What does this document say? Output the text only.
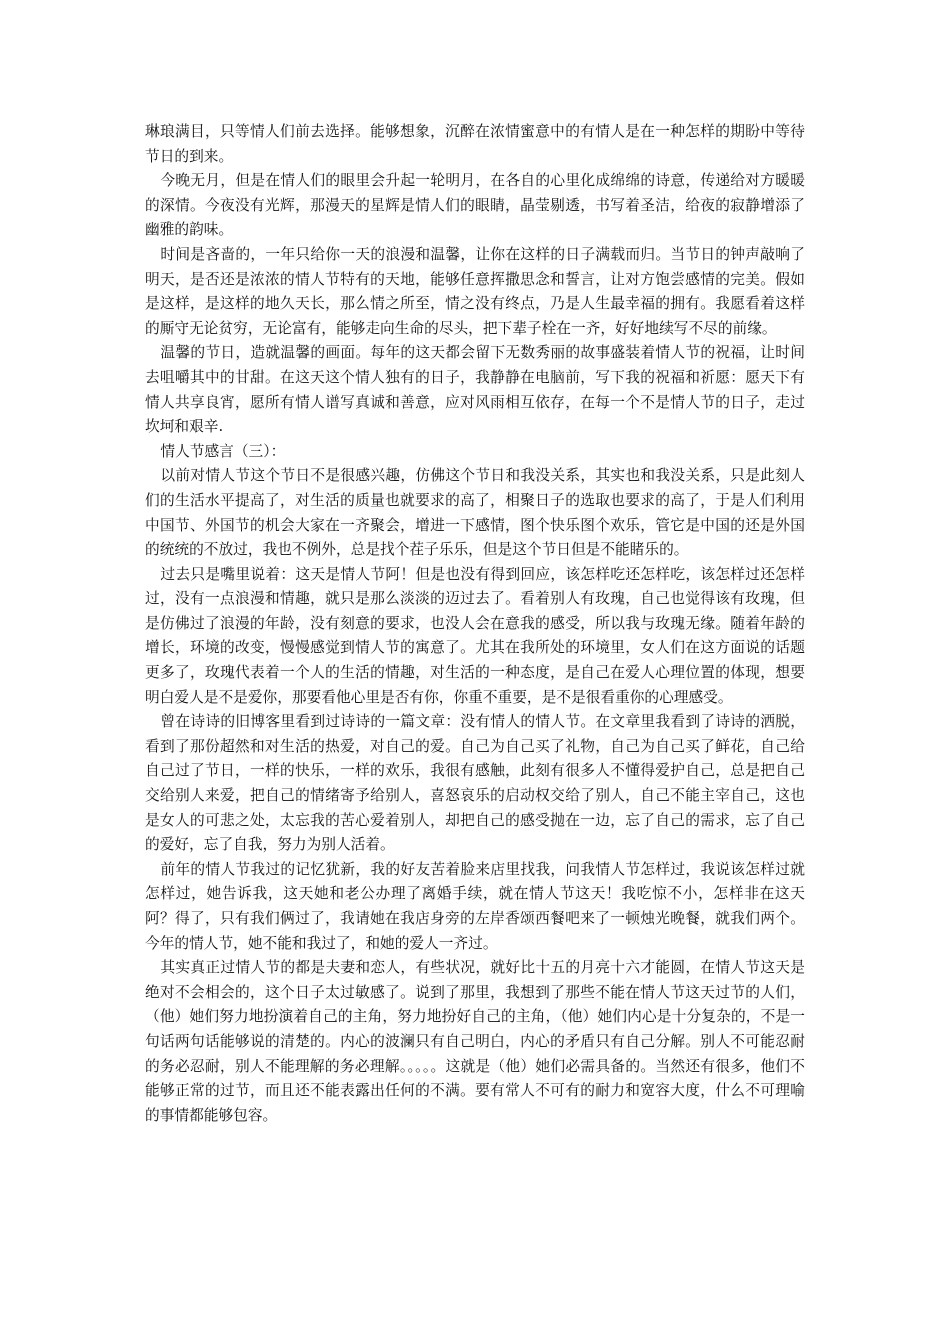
琳琅满目，只等情人们前去选择。能够想象，沉醉在浓情蜜意中的有情人是在一种怎样的期盼中等待节日的到来。

今晚无月，但是在情人们的眼里会升起一轮明月，在各自的心里化成绵绵的诗意，传递给对方暖暖的深情。今夜没有光辉，那漫天的星辉是情人们的眼睛，晶莹剔透，书写着圣洁，给夜的寂静增添了幽雅的韵味。

时间是吝啬的，一年只给你一天的浪漫和温馨，让你在这样的日子满载而归。当节日的钟声敲响了明天，是否还是浓浓的情人节特有的天地，能够任意挥撒思念和誓言，让对方饱尝感情的完美。假如是这样，是这样的地久天长，那么情之所至，情之没有终点，乃是人生最幸福的拥有。我愿看着这样的厮守无论贫穷，无论富有，能够走向生命的尽头，把下辈子栓在一齐，好好地续写不尽的前缘。

温馨的节日，造就温馨的画面。每年的这天都会留下无数秀丽的故事盛装着情人节的祝福，让时间去咀嚼其中的甘甜。在这天这个情人独有的日子，我静静在电脑前，写下我的祝福和祈愿：愿天下有情人共享良宵，愿所有情人谱写真诚和善意，应对风雨相互依存，在每一个不是情人节的日子，走过坎坷和艰辛.

情人节感言（三）：

以前对情人节这个节日不是很感兴趣，仿佛这个节日和我没关系，其实也和我没关系，只是此刻人们的生活水平提高了，对生活的质量也就要求的高了，相聚日子的选取也要求的高了，于是人们利用中国节、外国节的机会大家在一齐聚会，增进一下感情，图个快乐图个欢乐，管它是中国的还是外国的统统的不放过，我也不例外，总是找个茬子乐乐，但是这个节日但是不能睹乐的。

过去只是嘴里说着：这天是情人节阿！但是也没有得到回应，该怎样吃还怎样吃，该怎样过还怎样过，没有一点浪漫和情趣，就只是那么淡淡的迈过去了。看着别人有玫瑰，自己也觉得该有玫瑰，但是仿佛过了浪漫的年龄，没有刻意的要求，也没人会在意我的感受，所以我与玫瑰无缘。随着年龄的增长，环境的改变，慢慢感觉到情人节的寓意了。尤其在我所处的环境里，女人们在这方面说的话题更多了，玫瑰代表着一个人的生活的情趣，对生活的一种态度，是自己在爱人心理位置的体现，想要明白爱人是不是爱你，那要看他心里是否有你，你重不重要，是不是很看重你的心理感受。

曾在诗诗的旧博客里看到过诗诗的一篇文章：没有情人的情人节。在文章里我看到了诗诗的洒脱，看到了那份超然和对生活的热爱，对自己的爱。自己为自己买了礼物，自己为自己买了鲜花，自己给自己过了节日，一样的快乐，一样的欢乐，我很有感触，此刻有很多人不懂得爱护自己，总是把自己交给别人来爱，把自己的情绪寄予给别人，喜怒哀乐的启动权交给了别人，自己不能主宰自己，这也是女人的可悲之处，太忘我的苦心爱着别人，却把自己的感受抛在一边，忘了自己的需求，忘了自己的爱好，忘了自我，努力为别人活着。

前年的情人节我过的记忆犹新，我的好友苦着脸来店里找我，问我情人节怎样过，我说该怎样过就怎样过，她告诉我，这天她和老公办理了离婚手续，就在情人节这天！我吃惊不小，怎样非在这天阿？得了，只有我们俩过了，我请她在我店身旁的左岸香颂西餐吧来了一顿烛光晚餐，就我们两个。今年的情人节，她不能和我过了，和她的爱人一齐过。

其实真正过情人节的都是夫妻和恋人，有些状况，就好比十五的月亮十六才能圆，在情人节这天是绝对不会相会的，这个日子太过敏感了。说到了那里，我想到了那些不能在情人节这天过节的人们，（他）她们努力地扮演着自己的主角，努力地扮好自己的主角，（他）她们内心是十分复杂的，不是一句话两句话能够说的清楚的。内心的波澜只有自己明白，内心的矛盾只有自己分解。别人不可能忍耐的务必忍耐，别人不能理解的务必理解。。。。。这就是（他）她们必需具备的。当然还有很多，他们不能够正常的过节，而且还不能表露出任何的不满。要有常人不可有的耐力和宽容大度，什么不可理喻的事情都能够包容。
